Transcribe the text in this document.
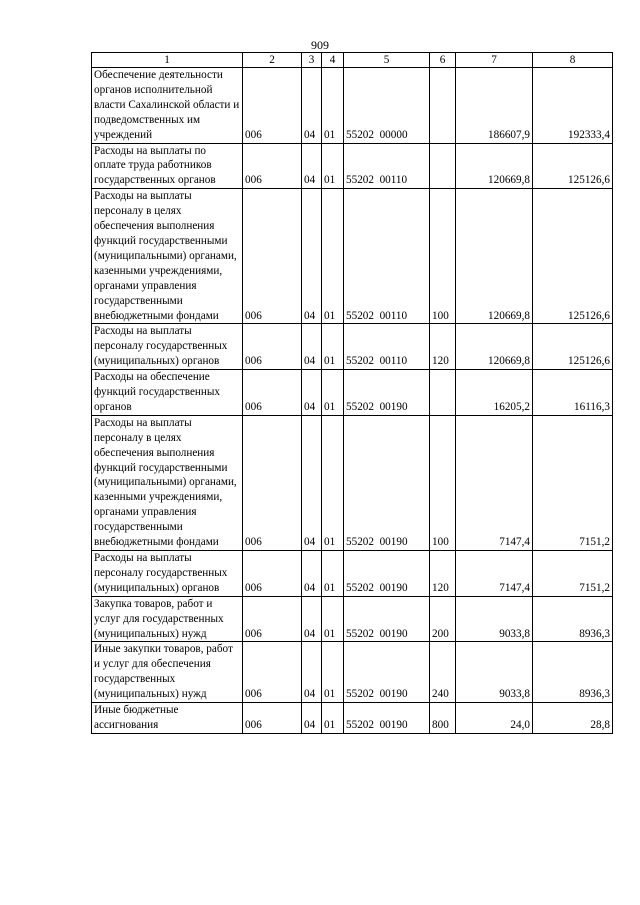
909
1	2	3	4	5	6	7	8
Обеспечение деятельности органов исполнительной власти Сахалинской области и подведомственных им учреждений	006	04	01	55202  00000		186607,9	192333,4
Расходы на выплаты по оплате труда работников государственных органов	006	04	01	55202  00110		120669,8	125126,6
Расходы на выплаты персоналу в целях обеспечения выполнения функций государственными (муниципальными) органами, казенными учреждениями, органами управления государственными внебюджетными фондами	006	04	01	55202  00110	100	120669,8	125126,6
Расходы на выплаты персоналу государственных (муниципальных) органов	006	04	01	55202  00110	120	120669,8	125126,6
Расходы на обеспечение функций государственных органов	006	04	01	55202  00190		16205,2	16116,3
Расходы на выплаты персоналу в целях обеспечения выполнения функций государственными (муниципальными) органами, казенными учреждениями, органами управления государственными внебюджетными фондами	006	04	01	55202  00190	100	7147,4	7151,2
Расходы на выплаты персоналу государственных (муниципальных) органов	006	04	01	55202  00190	120	7147,4	7151,2
Закупка товаров, работ и услуг для государственных (муниципальных) нужд	006	04	01	55202  00190	200	9033,8	8936,3
Иные закупки товаров, работ и услуг для обеспечения государственных (муниципальных) нужд	006	04	01	55202  00190	240	9033,8	8936,3
Иные бюджетные ассигнования	006	04	01	55202  00190	800	24,0	28,8
